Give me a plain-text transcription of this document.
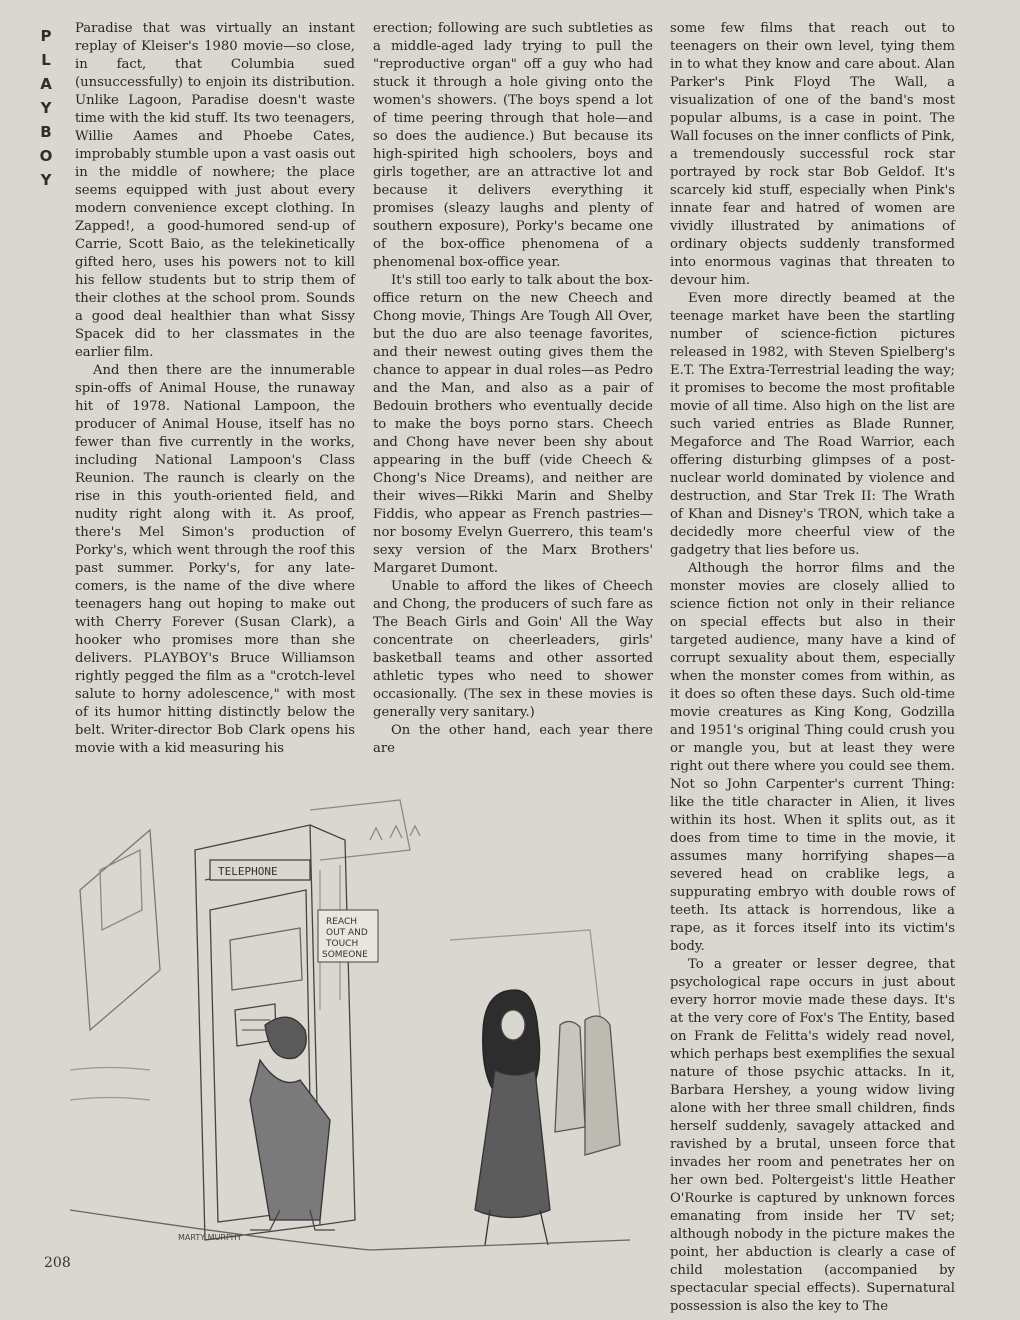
P
L
A
Y
B
O
Y

Paradise that was virtually an instant replay of Kleiser's 1980 movie—so close, in fact, that Columbia sued (unsuccessfully) to enjoin its distribution. Unlike Lagoon, Paradise doesn't waste time with the kid stuff. Its two teenagers, Willie Aames and Phoebe Cates, improbably stumble upon a vast oasis out in the middle of nowhere; the place seems equipped with just about every modern convenience except clothing. In Zapped!, a good-humored send-up of Carrie, Scott Baio, as the telekinetically gifted hero, uses his powers not to kill his fellow students but to strip them of their clothes at the school prom. Sounds a good deal healthier than what Sissy Spacek did to her classmates in the earlier film.

And then there are the innumerable spin-offs of Animal House, the runaway hit of 1978. National Lampoon, the producer of Animal House, itself has no fewer than five currently in the works, including National Lampoon's Class Reunion. The raunch is clearly on the rise in this youth-oriented field, and nudity right along with it. As proof, there's Mel Simon's production of Porky's, which went through the roof this past summer. Porky's, for any late-comers, is the name of the dive where teenagers hang out hoping to make out with Cherry Forever (Susan Clark), a hooker who promises more than she delivers. PLAYBOY's Bruce Williamson rightly pegged the film as a "crotch-level salute to horny adolescence," with most of its humor hitting distinctly below the belt. Writer-director Bob Clark opens his movie with a kid measuring his

erection; following are such subtleties as a middle-aged lady trying to pull the "reproductive organ" off a guy who had stuck it through a hole giving onto the women's showers. (The boys spend a lot of time peering through that hole—and so does the audience.) But because its high-spirited high schoolers, boys and girls together, are an attractive lot and because it delivers everything it promises (sleazy laughs and plenty of southern exposure), Porky's became one of the box-office phenomena of a phenomenal box-office year.

It's still too early to talk about the box-office return on the new Cheech and Chong movie, Things Are Tough All Over, but the duo are also teenage favorites, and their newest outing gives them the chance to appear in dual roles—as Pedro and the Man, and also as a pair of Bedouin brothers who eventually decide to make the boys porno stars. Cheech and Chong have never been shy about appearing in the buff (vide Cheech & Chong's Nice Dreams), and neither are their wives—Rikki Marin and Shelby Fiddis, who appear as French pastries—nor bosomy Evelyn Guerrero, this team's sexy version of the Marx Brothers' Margaret Dumont.

Unable to afford the likes of Cheech and Chong, the producers of such fare as The Beach Girls and Goin' All the Way concentrate on cheerleaders, girls' basketball teams and other assorted athletic types who need to shower occasionally. (The sex in these movies is generally very sanitary.)

On the other hand, each year there are

some few films that reach out to teenagers on their own level, tying them in to what they know and care about. Alan Parker's Pink Floyd The Wall, a visualization of one of the band's most popular albums, is a case in point. The Wall focuses on the inner conflicts of Pink, a tremendously successful rock star portrayed by rock star Bob Geldof. It's scarcely kid stuff, especially when Pink's innate fear and hatred of women are vividly illustrated by animations of ordinary objects suddenly transformed into enormous vaginas that threaten to devour him.

Even more directly beamed at the teenage market have been the startling number of science-fiction pictures released in 1982, with Steven Spielberg's E.T. The Extra-Terrestrial leading the way; it promises to become the most profitable movie of all time. Also high on the list are such varied entries as Blade Runner, Megaforce and The Road Warrior, each offering disturbing glimpses of a post-nuclear world dominated by violence and destruction, and Star Trek II: The Wrath of Khan and Disney's TRON, which take a decidedly more cheerful view of the gadgetry that lies before us.

Although the horror films and the monster movies are closely allied to science fiction not only in their reliance on special effects but also in their targeted audience, many have a kind of corrupt sexuality about them, especially when the monster comes from within, as it does so often these days. Such old-time movie creatures as King Kong, Godzilla and 1951's original Thing could crush you or mangle you, but at least they were right out there where you could see them. Not so John Carpenter's current Thing: like the title character in Alien, it lives within its host. When it splits out, as it does from time to time in the movie, it assumes many horrifying shapes—a severed head on crablike legs, a suppurating embryo with double rows of teeth. Its attack is horrendous, like a rape, as it forces itself into its victim's body.

To a greater or lesser degree, that psychological rape occurs in just about every horror movie made these days. It's at the very core of Fox's The Entity, based on Frank de Felitta's widely read novel, which perhaps best exemplifies the sexual nature of those psychic attacks. In it, Barbara Hershey, a young widow living alone with her three small children, finds herself suddenly, savagely attacked and ravished by a brutal, unseen force that invades her room and penetrates her on her own bed. Poltergeist's little Heather O'Rourke is captured by unknown forces emanating from inside her TV set; although nobody in the picture makes the point, her abduction is clearly a case of child molestation (accompanied by spectacular special effects). Supernatural possession is also the key to The

TELEPHONE
REACH
OUT AND
TOUCH
SOMEONE
MARTY MURPHY
208
